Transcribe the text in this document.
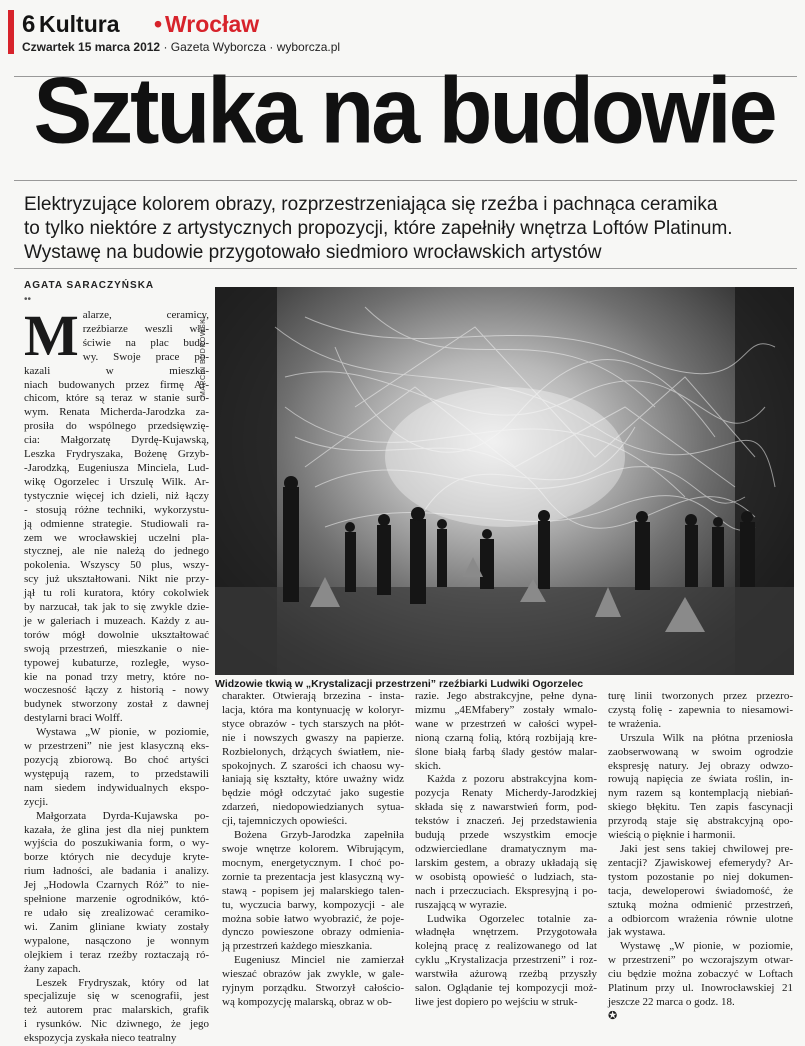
6 Kultura • Wrocław
Czwartek 15 marca 2012 · Gazeta Wyborcza · wyborcza.pl
Sztuka na budowie
Elektryzujące kolorem obrazy, rozprzestrzeniająca się rzeźba i pachnąca ceramika
to tylko niektóre z artystycznych propozycji, które zapełniły wnętrza Loftów Platinum.
Wystawę na budowie przygotowało siedmioro wrocławskich artystów
AGATA SARACZYŃSKA
••
MARCIN BUDROWSKI
Widzowie tkwią w „Krystalizacji przestrzeni” rzeźbiarki Ludwiki Ogorzelec
M alarze, ceramicy,
rzeźbiarze weszli wła-
ściwie na plac budo-
wy. Swoje prace po-
kazali w mieszka-
niach budowanych przez firmę Ar-
chicom, które są teraz w stanie suro-
wym. Renata Micherda-Jarodzka za-
prosiła do wspólnego przedsięwzię-
cia: Małgorzatę Dyrdę-Kujawską,
Leszka Frydryszaka, Bożenę Grzyb-
-Jarodzką, Eugeniusza Minciela, Lud-
wikę Ogorzelec i Urszulę Wilk. Ar-
tystycznie więcej ich dzieli, niż łączy
- stosują różne techniki, wykorzystu-
ją odmienne strategie. Studiowali ra-
zem we wrocławskiej uczelni pla-
stycznej, ale nie należą do jednego
pokolenia. Wszyscy 50 plus, wszy-
scy już ukształtowani. Nikt nie przy-
jął tu roli kuratora, który cokolwiek
by narzucał, tak jak to się zwykle dzie-
je w galeriach i muzeach. Każdy z au-
torów mógł dowolnie ukształtować
swoją przestrzeń, mieszkanie o nie-
typowej kubaturze, rozległe, wyso-
kie na ponad trzy metry, które no-
woczesność łączy z historią - nowy
budynek stworzony został z dawnej
destylarni braci Wolff.
Wystawa „W pionie, w poziomie,
w przestrzeni” nie jest klasyczną eks-
pozycją zbiorową. Bo choć artyści
występują razem, to przedstawili
nam siedem indywidualnych ekspo-
zycji.
Małgorzata Dyrda-Kujawska po-
kazała, że glina jest dla niej punktem
wyjścia do poszukiwania form, o wy-
borze których nie decyduje kryte-
rium ładności, ale badania i analizy.
Jej „Hodowla Czarnych Róż” to nie-
spełnione marzenie ogrodników, któ-
re udało się zrealizować ceramiko-
wi. Zanim gliniane kwiaty zostały
wypalone, nasączono je wonnym
olejkiem i teraz rzeźby roztaczają ró-
żany zapach.
Leszek Frydryszak, który od lat
specjalizuje się w scenografii, jest
też autorem prac malarskich, grafik
i rysunków. Nic dziwnego, że jego
ekspozycja zyskała nieco teatralny
charakter. Otwierają brzezina - insta-
lacja, która ma kontynuację w koloryr-
styce obrazów - tych starszych na płót-
nie i nowszych gwaszy na papierze.
Rozbielonych, drżących światłem, nie-
spokojnych. Z szarości ich chaosu wy-
łaniają się kształty, które uważny widz
będzie mógł odczytać jako sugestie
zdarzeń, niedopowiedzianych sytua-
cji, tajemniczych opowieści.
Bożena Grzyb-Jarodzka zapełniła
swoje wnętrze kolorem. Wibrującym,
mocnym, energetycznym. I choć po-
zornie ta prezentacja jest klasyczną wy-
stawą - popisem jej malarskiego talen-
tu, wyczucia barwy, kompozycji - ale
można sobie łatwo wyobrazić, że poje-
dynczo powieszone obrazy odmienia-
ją przestrzeń każdego mieszkania.
Eugeniusz Minciel nie zamierzał
wieszać obrazów jak zwykle, w gale-
ryjnym porządku. Stworzył całościo-
wą kompozycję malarską, obraz w ob-
razie. Jego abstrakcyjne, pełne dyna-
mizmu „4EMfabery” zostały wmalo-
wane w przestrzeń w całości wypeł-
nioną czarną folią, którą rozbijają kre-
ślone białą farbą ślady gestów malar-
skich.
Każda z pozoru abstrakcyjna kom-
pozycja Renaty Micherdy-Jarodzkiej
składa się z nawarstwień form, pod-
tekstów i znaczeń. Jej przedstawienia
budują przede wszystkim emocje
odzwierciedlane dramatycznym ma-
larskim gestem, a obrazy układają się
w osobistą opowieść o ludziach, sta-
nach i przeczuciach. Ekspresyjną i po-
ruszającą w wyrazie.
Ludwika Ogorzelec totalnie za-
władnęła wnętrzem. Przygotowała
kolejną pracę z realizowanego od lat
cyklu „Krystalizacja przestrzeni” i roz-
warstwiła ażurową rzeźbą przyszły
salon. Oglądanie tej kompozycji moż-
liwe jest dopiero po wejściu w struk-
turę linii tworzonych przez przezro-
czystą folię - zapewnia to niesamowi-
te wrażenia.
Urszula Wilk na płótna przeniosła
zaobserwowaną w swoim ogrodzie
ekspresję natury. Jej obrazy odwzo-
rowują napięcia ze świata roślin, in-
nym razem są kontemplacją niebiań-
skiego błękitu. Ten zapis fascynacji
przyrodą staje się abstrakcyjną opo-
wieścią o pięknie i harmonii.
Jaki jest sens takiej chwilowej pre-
zentacji? Zjawiskowej efemerydy? Ar-
tystom pozostanie po niej dokumen-
tacja, deweloperowi świadomość, że
sztuką można odmienić przestrzeń,
a odbiorcom wrażenia równie ulotne
jak wystawa.
Wystawę „W pionie, w poziomie,
w przestrzeni” po wczorajszym otwar-
ciu będzie można zobaczyć w Loftach
Platinum przy ul. Inowrocławskiej 21
jeszcze 22 marca o godz. 18.
✪
